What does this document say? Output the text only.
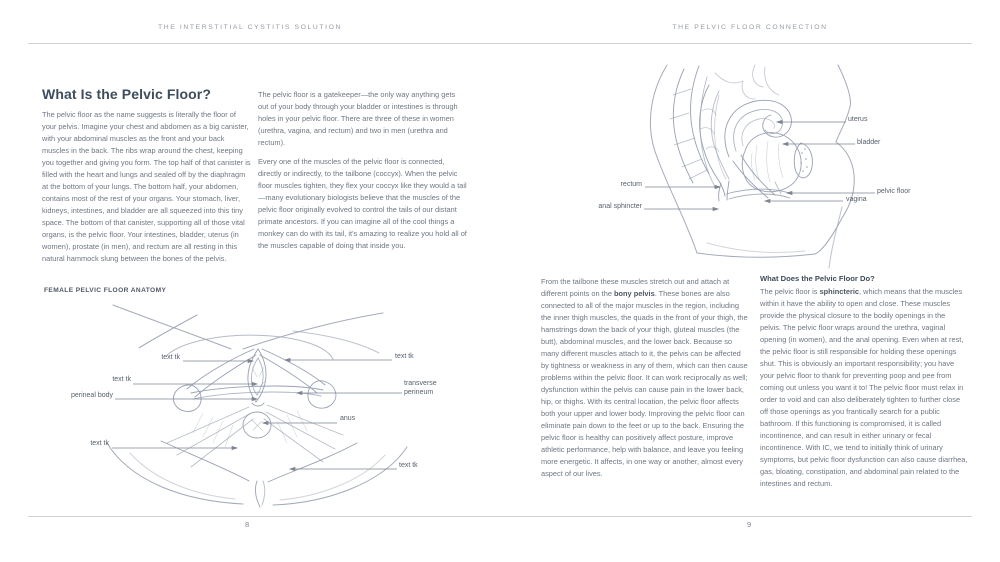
THE INTERSTITIAL CYSTITIS SOLUTION	THE PELVIC FLOOR CONNECTION
8	9
What Is the Pelvic Floor?

The pelvic floor as the name suggests is literally the floor of your pelvis. Imagine your chest and abdomen as a big canister, with your abdominal muscles as the front and your back muscles in the back. The ribs wrap around the chest, keeping you together and giving you form. The top half of that canister is filled with the heart and lungs and sealed off by the diaphragm at the bottom of your lungs. The bottom half, your abdomen, contains most of the rest of your organs. Your stomach, liver, kidneys, intestines, and bladder are all squeezed into this tiny space. The bottom of that canister, supporting all of those vital organs, is the pelvic floor. Your intestines, bladder, uterus (in women), prostate (in men), and rectum are all resting in this natural hammock slung between the bones of the pelvis.

The pelvic floor is a gatekeeper—the only way anything gets out of your body through your bladder or intestines is through holes in your pelvic floor. There are three of these in women (urethra, vagina, and rectum) and two in men (urethra and rectum).

Every one of the muscles of the pelvic floor is connected, directly or indirectly, to the tailbone (coccyx). When the pelvic floor muscles tighten, they flex your coccyx like they would a tail—many evolutionary biologists believe that the muscles of the pelvic floor originally evolved to control the tails of our distant primate ancestors. If you can imagine all of the cool things a monkey can do with its tail, it's amazing to realize you hold all of the muscles capable of doing that inside you.

FEMALE PELVIC FLOOR ANATOMY
text tk
text tk
perineal body
text tk
text tk
transverse perineum
anus
text tk
uterus
bladder
rectum
anal sphincter
pelvic floor
vagina

From the tailbone these muscles stretch out and attach at different points on the bony pelvis. These bones are also connected to all of the major muscles in the region, including the inner thigh muscles, the quads in the front of your thigh, the hamstrings down the back of your thigh, gluteal muscles (the butt), abdominal muscles, and the lower back. Because so many different muscles attach to it, the pelvis can be affected by tightness or weakness in any of them, which can then cause problems within the pelvic floor. It can work reciprocally as well; dysfunction within the pelvis can cause pain in the lower back, hip, or thighs. With its central location, the pelvic floor affects both your upper and lower body. Improving the pelvic floor can eliminate pain down to the feet or up to the back. Ensuring the pelvic floor is healthy can positively affect posture, improve athletic performance, help with balance, and leave you feeling more energetic. It affects, in one way or another, almost every aspect of our lives.

What Does the Pelvic Floor Do?

The pelvic floor is sphincteric, which means that the muscles within it have the ability to open and close. These muscles provide the physical closure to the bodily openings in the pelvis. The pelvic floor wraps around the urethra, vaginal opening (in women), and the anal opening. Even when at rest, the pelvic floor is still responsible for holding these openings shut. This is obviously an important responsibility; you have your pelvic floor to thank for preventing poop and pee from coming out unless you want it to! The pelvic floor must relax in order to void and can also deliberately tighten to further close off those openings as you frantically search for a public bathroom. If this functioning is compromised, it is called incontinence, and can result in either urinary or fecal incontinence. With IC, we tend to initially think of urinary symptoms, but pelvic floor dysfunction can also cause diarrhea, gas, bloating, constipation, and abdominal pain related to the intestines and rectum.
